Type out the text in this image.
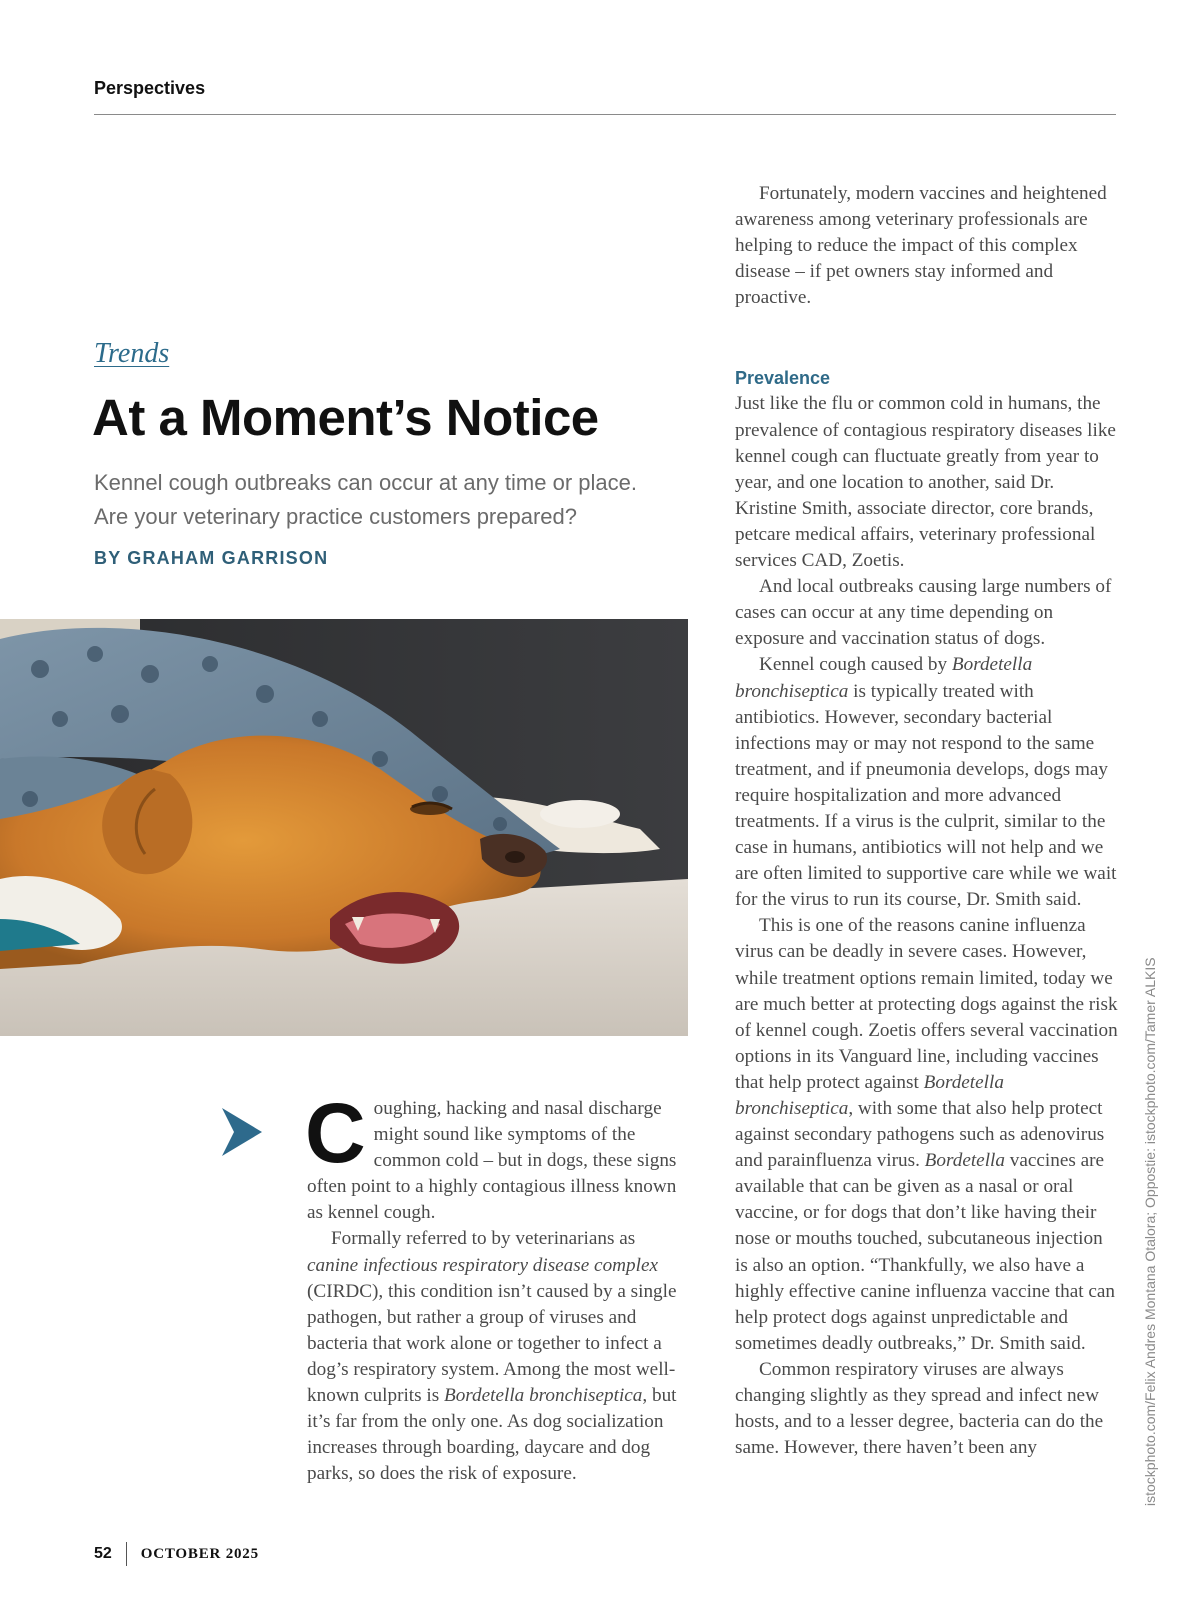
Perspectives
Trends
At a Moment’s Notice
Kennel cough outbreaks can occur at any time or place.
Are your veterinary practice customers prepared?
BY GRAHAM GARRISON

Coughing, hacking and nasal discharge might sound like symptoms of the common cold – but in dogs, these signs often point to a highly contagious illness known as kennel cough.

Formally referred to by veterinarians as canine infectious respiratory disease complex (CIRDC), this condition isn’t caused by a single pathogen, but rather a group of viruses and bacteria that work alone or together to infect a dog’s respiratory system. Among the most well-known culprits is Bordetella bronchiseptica, but it’s far from the only one. As dog socialization increases through boarding, daycare and dog parks, so does the risk of exposure.

Fortunately, modern vaccines and heightened awareness among veterinary professionals are helping to reduce the impact of this complex disease – if pet owners stay informed and proactive.

Prevalence

Just like the flu or common cold in humans, the prevalence of contagious respiratory diseases like kennel cough can fluctuate greatly from year to year, and one location to another, said Dr. Kristine Smith, associate director, core brands, petcare medical affairs, veterinary professional services CAD, Zoetis.

And local outbreaks causing large numbers of cases can occur at any time depending on exposure and vaccination status of dogs.

Kennel cough caused by Bordetella bronchiseptica is typically treated with antibiotics. However, secondary bacterial infections may or may not respond to the same treatment, and if pneumonia develops, dogs may require hospitalization and more advanced treatments. If a virus is the culprit, similar to the case in humans, antibiotics will not help and we are often limited to supportive care while we wait for the virus to run its course, Dr. Smith said.

This is one of the reasons canine influenza virus can be deadly in severe cases. However, while treatment options remain limited, today we are much better at protecting dogs against the risk of kennel cough. Zoetis offers several vaccination options in its Vanguard line, including vaccines that help protect against Bordetella bronchiseptica, with some that also help protect against secondary pathogens such as adenovirus and parainfluenza virus. Bordetella vaccines are available that can be given as a nasal or oral vaccine, or for dogs that don’t like having their nose or mouths touched, subcutaneous injection is also an option. “Thankfully, we also have a highly effective canine influenza vaccine that can help protect dogs against unpredictable and sometimes deadly outbreaks,” Dr. Smith said.

Common respiratory viruses are always changing slightly as they spread and infect new hosts, and to a lesser degree, bacteria can do the same. However, there haven’t been any	istockphoto.com/Felix Andres Montana Otalora; Oppostie: istockphoto.com/Tamer ALKIS
52 OCTOBER 2025
